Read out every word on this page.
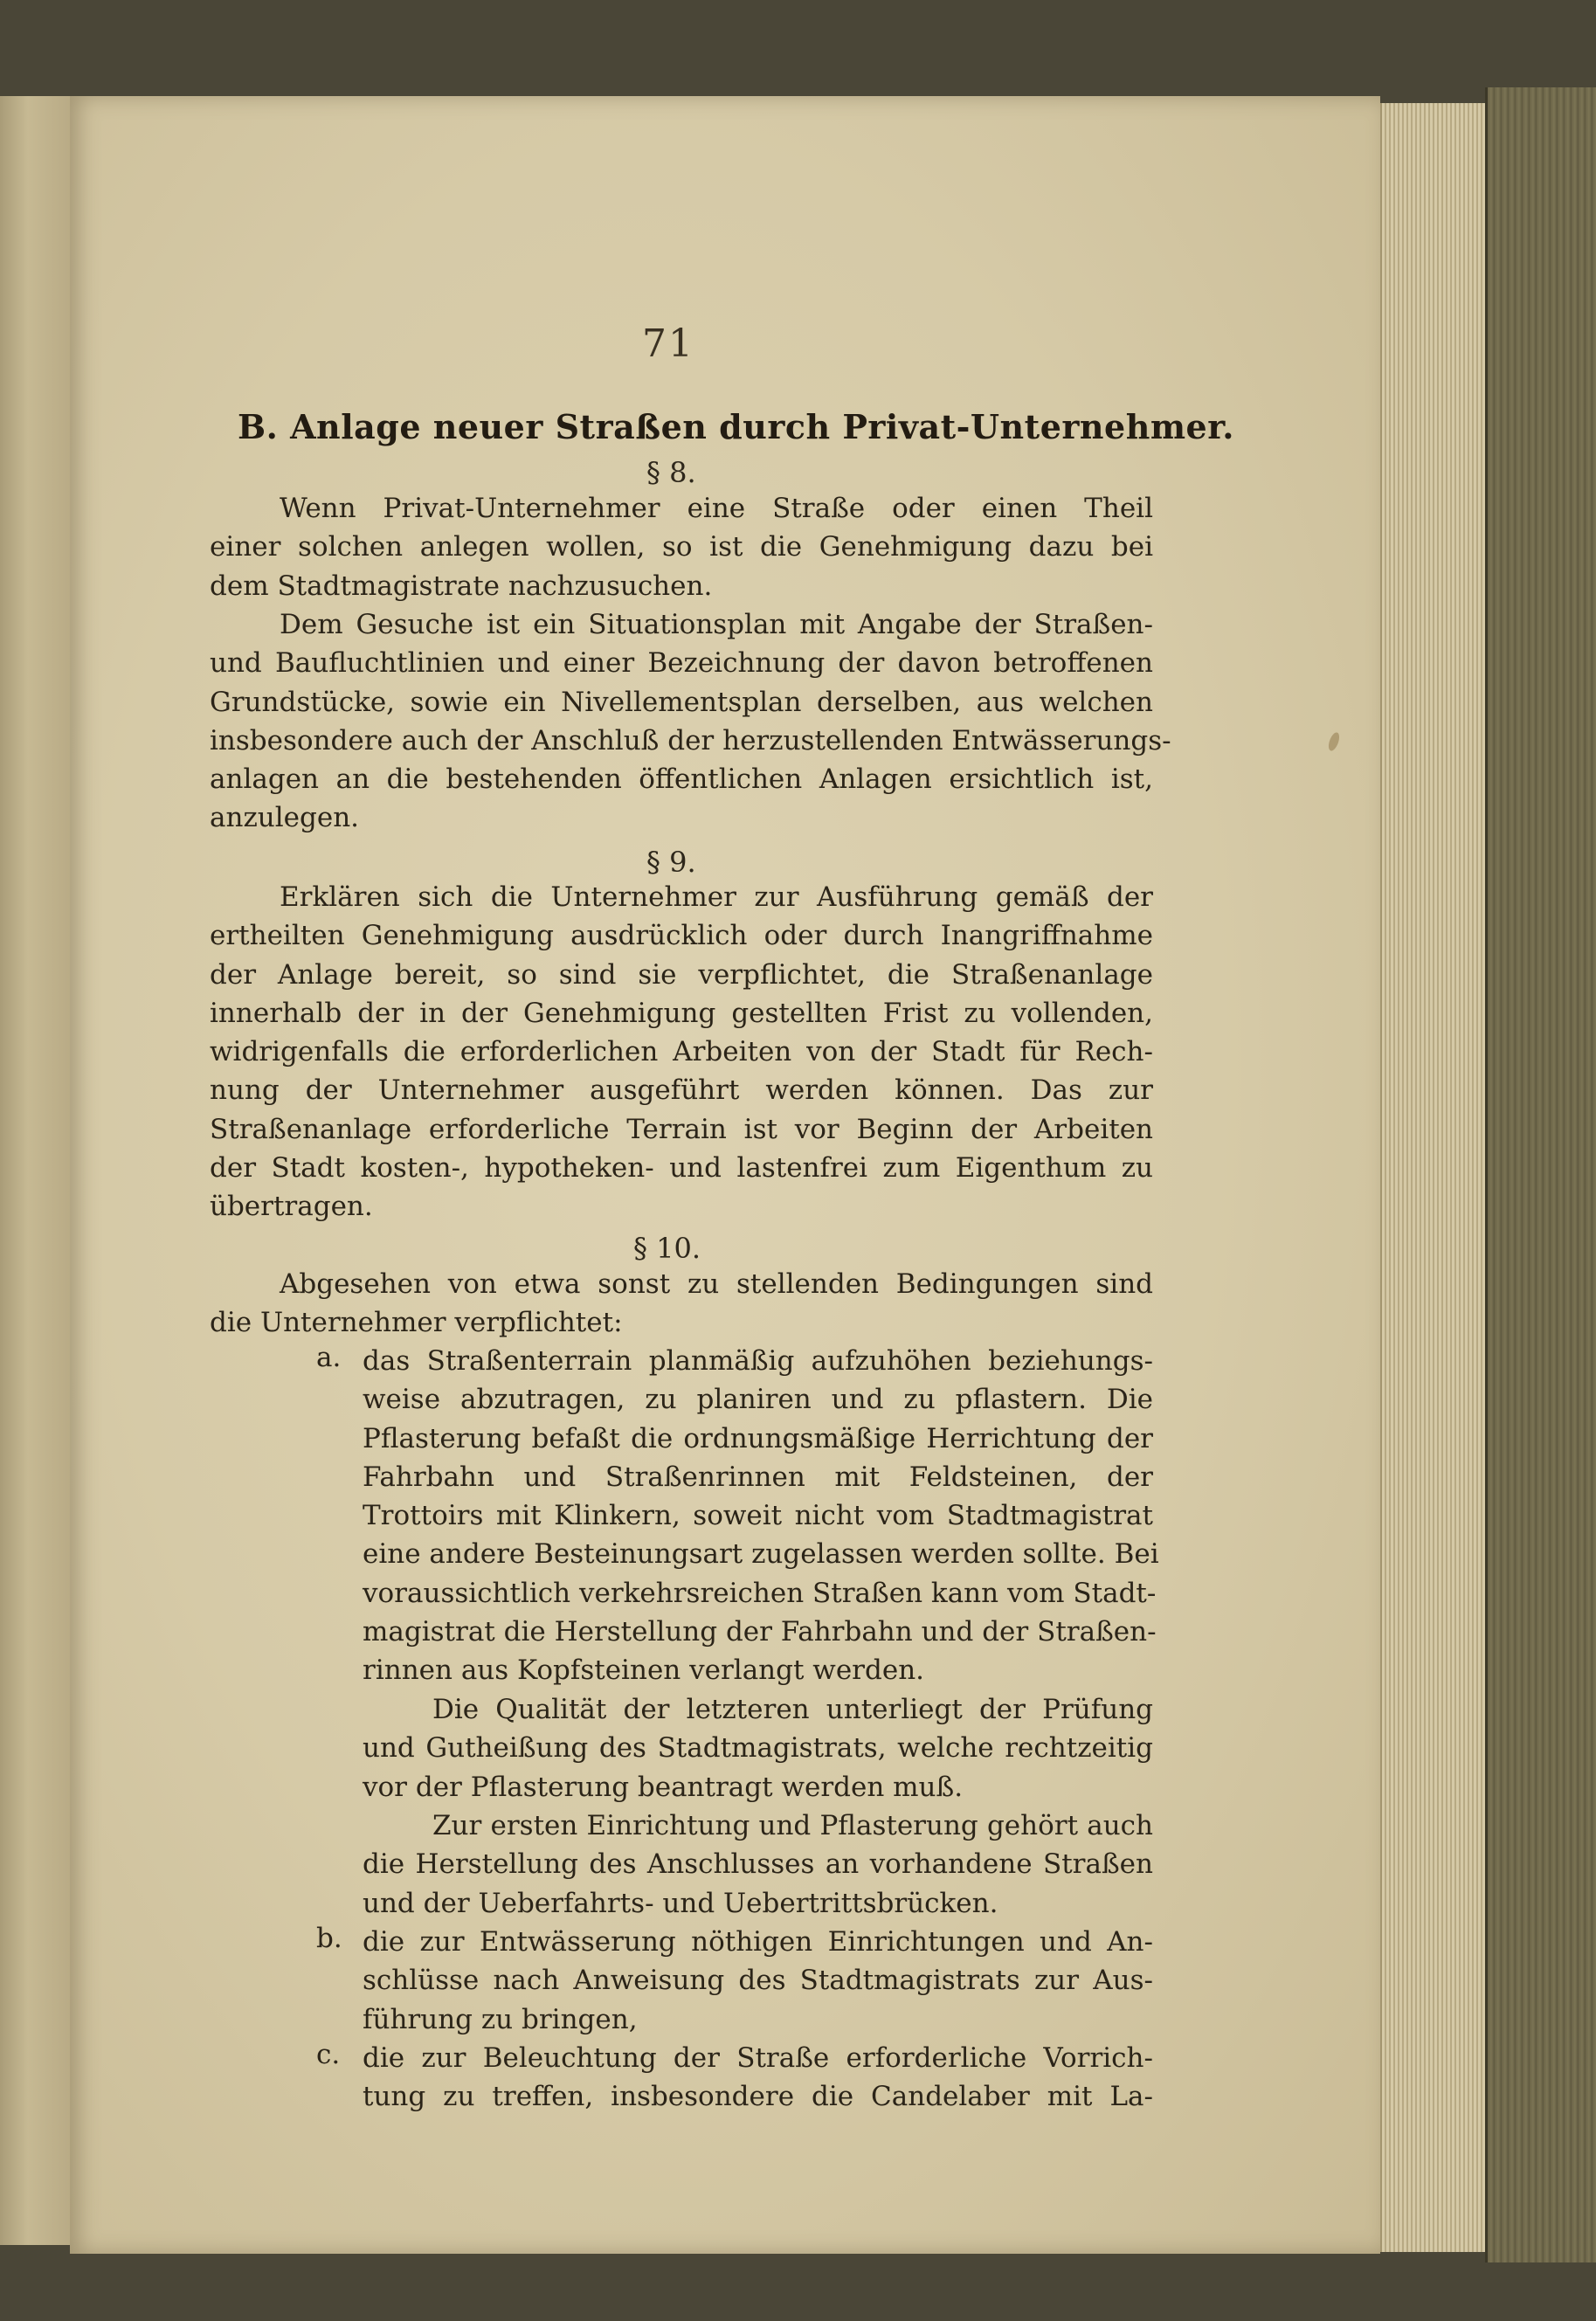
71
B. Anlage neuer Straßen durch Privat-Unternehmer.
§ 8.
Wenn Privat-Unternehmer eine Straße oder einen Theil
einer solchen anlegen wollen, so ist die Genehmigung dazu bei
dem Stadtmagistrate nachzusuchen.
Dem Gesuche ist ein Situationsplan mit Angabe der Straßen-
und Baufluchtlinien und einer Bezeichnung der davon betroffenen
Grundstücke, sowie ein Nivellementsplan derselben, aus welchen
insbesondere auch der Anschluß der herzustellenden Entwässerungs-
anlagen an die bestehenden öffentlichen Anlagen ersichtlich ist,
anzulegen.
§ 9.
Erklären sich die Unternehmer zur Ausführung gemäß der
ertheilten Genehmigung ausdrücklich oder durch Inangriffnahme
der Anlage bereit, so sind sie verpflichtet, die Straßenanlage
innerhalb der in der Genehmigung gestellten Frist zu vollenden,
widrigenfalls die erforderlichen Arbeiten von der Stadt für Rech-
nung der Unternehmer ausgeführt werden können. Das zur
Straßenanlage erforderliche Terrain ist vor Beginn der Arbeiten
der Stadt kosten-, hypotheken- und lastenfrei zum Eigenthum zu
übertragen.
§ 10.
Abgesehen von etwa sonst zu stellenden Bedingungen sind
die Unternehmer verpflichtet:
a. das Straßenterrain planmäßig aufzuhöhen beziehungs-
weise abzutragen, zu planiren und zu pflastern. Die
Pflasterung befaßt die ordnungsmäßige Herrichtung der
Fahrbahn und Straßenrinnen mit Feldsteinen, der
Trottoirs mit Klinkern, soweit nicht vom Stadtmagistrat
eine andere Besteinungsart zugelassen werden sollte. Bei
voraussichtlich verkehrsreichen Straßen kann vom Stadt-
magistrat die Herstellung der Fahrbahn und der Straßen-
rinnen aus Kopfsteinen verlangt werden.
Die Qualität der letzteren unterliegt der Prüfung
und Gutheißung des Stadtmagistrats, welche rechtzeitig
vor der Pflasterung beantragt werden muß.
Zur ersten Einrichtung und Pflasterung gehört auch
die Herstellung des Anschlusses an vorhandene Straßen
und der Ueberfahrts- und Uebertrittsbrücken.
b. die zur Entwässerung nöthigen Einrichtungen und An-
schlüsse nach Anweisung des Stadtmagistrats zur Aus-
führung zu bringen,
c. die zur Beleuchtung der Straße erforderliche Vorrich-
tung zu treffen, insbesondere die Candelaber mit La-
